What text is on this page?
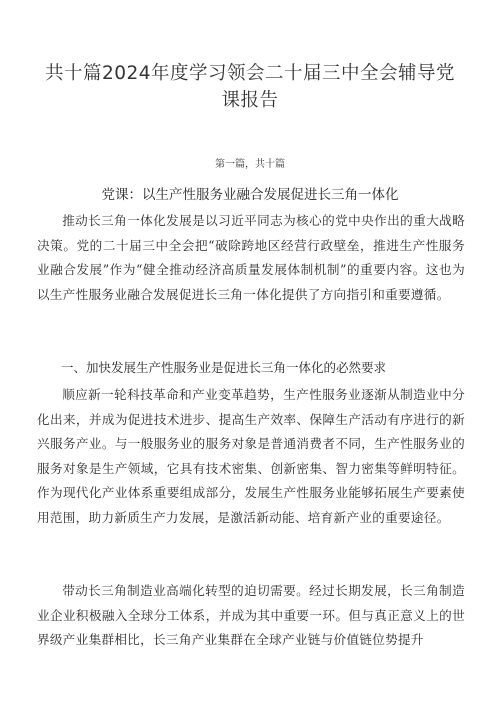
共十篇2024年度学习领会二十届三中全会辅导党课报告
第一篇，共十篇
党课：以生产性服务业融合发展促进长三角一体化

推动长三角一体化发展是以习近平同志为核心的党中央作出的重大战略决策。党的二十届三中全会把“破除跨地区经营行政壁垒，推进生产性服务业融合发展”作为“健全推动经济高质量发展体制机制”的重要内容。这也为以生产性服务业融合发展促进长三角一体化提供了方向指引和重要遵循。

一、加快发展生产性服务业是促进长三角一体化的必然要求

顺应新一轮科技革命和产业变革趋势，生产性服务业逐渐从制造业中分化出来，并成为促进技术进步、提高生产效率、保障生产活动有序进行的新兴服务产业。与一般服务业的服务对象是普通消费者不同，生产性服务业的服务对象是生产领域，它具有技术密集、创新密集、智力密集等鲜明特征。作为现代化产业体系重要组成部分，发展生产性服务业能够拓展生产要素使用范围，助力新质生产力发展，是激活新动能、培育新产业的重要途径。

带动长三角制造业高端化转型的迫切需要。经过长期发展，长三角制造业企业积极融入全球分工体系，并成为其中重要一环。但与真正意义上的世界级产业集群相比，长三角产业集群在全球产业链与价值链位势提升
